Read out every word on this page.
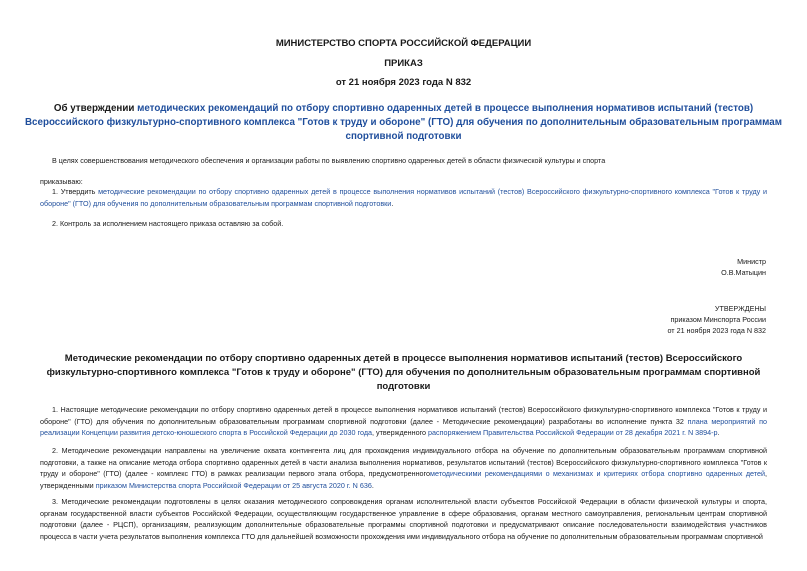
МИНИСТЕРСТВО СПОРТА РОССИЙСКОЙ ФЕДЕРАЦИИ
ПРИКАЗ
от 21 ноября 2023 года N 832
Об утверждении методических рекомендаций по отбору спортивно одаренных детей в процессе выполнения нормативов испытаний (тестов) Всероссийского физкультурно-спортивного комплекса "Готов к труду и обороне" (ГТО) для обучения по дополнительным образовательным программам спортивной подготовки
В целях совершенствования методического обеспечения и организации работы по выявлению спортивно одаренных детей в области физической культуры и спорта
приказываю:
1. Утвердить методические рекомендации по отбору спортивно одаренных детей в процессе выполнения нормативов испытаний (тестов) Всероссийского физкультурно-спортивного комплекса "Готов к труду и обороне" (ГТО) для обучения по дополнительным образовательным программам спортивной подготовки.
2. Контроль за исполнением настоящего приказа оставляю за собой.
Министр
О.В.Матыцин
УТВЕРЖДЕНЫ
приказом Минспорта России
от 21 ноября 2023 года N 832
Методические рекомендации по отбору спортивно одаренных детей в процессе выполнения нормативов испытаний (тестов) Всероссийского физкультурно-спортивного комплекса "Готов к труду и обороне" (ГТО) для обучения по дополнительным образовательным программам спортивной подготовки
1. Настоящие методические рекомендации по отбору спортивно одаренных детей в процессе выполнения нормативов испытаний (тестов) Всероссийского физкультурно-спортивного комплекса "Готов к труду и обороне" (ГТО) для обучения по дополнительным образовательным программам спортивной подготовки (далее - Методические рекомендации) разработаны во исполнение пункта 32 плана мероприятий по реализации Концепции развития детско-юношеского спорта в Российской Федерации до 2030 года, утвержденного распоряжением Правительства Российской Федерации от 28 декабря 2021 г. N 3894-р.
2. Методические рекомендации направлены на увеличение охвата контингента лиц для прохождения индивидуального отбора на обучение по дополнительным образовательным программам спортивной подготовки, а также на описание метода отбора спортивно одаренных детей в части анализа выполнения нормативов, результатов испытаний (тестов) Всероссийского физкультурно-спортивного комплекса "Готов к труду и обороне" (ГТО) (далее - комплекс ГТО) в рамках реализации первого этапа отбора, предусмотренногометодическими рекомендациями о механизмах и критериях отбора спортивно одаренных детей, утвержденными приказом Министерства спорта Российской Федерации от 25 августа 2020 г. N 636.
3. Методические рекомендации подготовлены в целях оказания методического сопровождения органам исполнительной власти субъектов Российской Федерации в области физической культуры и спорта, органам государственной власти субъектов Российской Федерации, осуществляющим государственное управление в сфере образования, органам местного самоуправления, региональным центрам спортивной подготовки (далее - РЦСП), организациям, реализующим дополнительные образовательные программы спортивной подготовки и предусматривают описание последовательности взаимодействия участников процесса в части учета результатов выполнения комплекса ГТО для дальнейшей возможности прохождения ими индивидуального отбора на обучение по дополнительным образовательным программам спортивной
